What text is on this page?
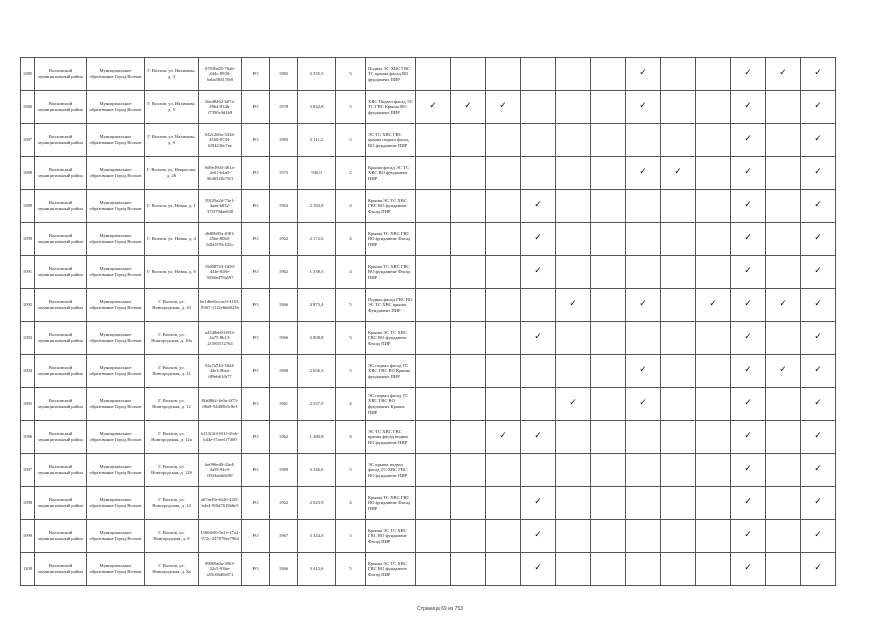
1085	Волховский муниципальный район	Муниципальное образование Город Волхов	Г. Волхов, ул. Нахимова, д. 3	67830a05-76a6-444c-8930-6aba58d17fb9	РО	1982	3 335,5	5	Подвал ЭС ХВС ГВС ТС крыша фасад ВО фундамент ПИР							✓			✓	✓	✓
1086	Волховский муниципальный район	Муниципальное образование Город Волхов	Г. Волхов, ул. Нахимова, д. 5	26ed8462-b07a-49b4-834b-f7390c9d1b9	РО	1978	5 022,8	5	ХВС Подвал фасад ЭС ТС ГВС Крыша ВО фундамент ПИР	✓	✓	✓				✓			✓		✓
1087	Волховский муниципальный район	Муниципальное образование Город Волхов	Г. Волхов, ул. Нахимова, д. 9	642c260a-343d-4160-8734-6f94236c7ae	РО	1983	5 111,2	5	ЭС ТС ХВС ГВС крыша подвал фасад ВО фундамент ПИР										✓		✓
1088	Волховский муниципальный район	Муниципальное образование Город Волхов	Г. Волхов, ул. Некрасова, д. 26	0d9e3903-461a-4e61-b4a0-96465f3b75f3	РО	1975	930,0	2	Крыша фасад ЭС ТС ХВС ВО фундамент ПИР							✓	✓		✓		✓
1089	Волховский муниципальный район	Муниципальное образование Город Волхов	Г. Волхов, ул. Новая, д. 1	59129a2d-73e1-4aaa-b832-37f379dae630	РО	1963	2 183,8	4	Крыша ЭС ТС ХВС ГВС ВО фундамент Фасад ПИР				✓						✓		✓
1090	Волховский муниципальный район	Муниципальное образование Город Волхов	Г. Волхов, ул. Новая, д. 4	db80b95a-f081-45be-80b5-b2b0378c525c	РО	1962	2 172,6	4	Крыша ТС ХВС ГВС ВО фундамент Фасад ПИР				✓						✓		✓
1091	Волховский муниципальный район	Муниципальное образование Город Волхов	Г. Волхов, ул. Новая, д. 8	19d08723-1d50-44fe-818e-5038a479a597	РО	1962	1 338,5	4	Крыша ТС ХВС ГВС ВО фундамент Фасад ПИР				✓						✓		✓
1092	Волховский муниципальный район	Муниципальное образование Город Волхов	Г. Волхов, ул. Новгородская, д. 10	be1d6e8a-cac9-4103-8567-1112e6b6021b	РО	1966	4 873,4	5	Подвал фасад ГВС ВО ЭС ТС ХВС крыша Фундамент ПИР					✓		✓		✓	✓	✓	✓
1093	Волховский муниципальный район	Муниципальное образование Город Волхов	Г. Волхов, ул. Новгородская, д. 10а	a4348eb0-b933-4a75-8b13-21585512764	РО	1966	3 808,8	5	Крыша ЭС ТС ХВС ГВС ВО фундамент Фасад ПИР				✓						✓		✓
1094	Волховский муниципальный район	Муниципальное образование Город Волхов	Г. Волхов, ул. Новгородская, д. 11	92a7a743-5844-44e3-9bea-f09eb61fb77	РО	1968	2 656,3	5	ЭС подвал фасад ТС ХВС ГВС ВО Крыша фундамент ПИР							✓			✓	✓	✓
1095	Волховский муниципальный район	Муниципальное образование Город Волхов	Г. Волхов, ул. Новгородская, д. 12	8fa08b2-4e0a-4f73-88a9-92d89b5c8e1	РО	1961	2 537,9	4	ЭС подвал фасад ТС ХВС ГВС ВО фундамент Крыша ПИР					✓		✓			✓		✓
1096	Волховский муниципальный район	Муниципальное образование Город Волхов	Г. Волхов, ул. Новгородская, д. 12а	b113f2f4-8f1f-41eb-b44e-f7aee1f7469	РО	1962	1 280,8	4	ЭС ТС ХВС ГВС крыша фасад подвал ВО фундамент ПИР			✓	✓						✓		✓
1097	Волховский муниципальный район	Муниципальное образование Город Волхов	Г. Волхов, ул. Новгородская, д. 12б	be096ed9-43e4-4a59-94c9-0034ab6e6f9f	РО	1989	3 346,6	5	ЭС крыша подвал фасад ТС ХВС ГВС ВО фундамент ПИР										✓		✓
1098	Волховский муниципальный район	Муниципальное образование Город Волхов	Г. Волхов, ул. Новгородская, д. 14	a67aef5e-bf26-43f5-b4e4-9f9d7619b6e5	РО	1962	2 023,9	4	Крыша ТС ХВС ГВС ВО фундамент Фасад ПИР				✓						✓		✓
1099	Волховский муниципальный район	Муниципальное образование Город Волхов	Г. Волхов, ул. Новгородская, д. 8	1560fe06-5a1e-47a3-972c-247879ee7964	РО	1967	3 344,0	5	Крыша ЭС ТС ХВС ГВС ВО фундамент Фасад ПИР				✓						✓		✓
1100	Волховский муниципальный район	Муниципальное образование Город Волхов	Г. Волхов, ул. Новгородская, д. 8а	99069a0a-3063-42c5-93be-a55c66d0e871	РО	1966	3 412,6	5	Крыша ЭС ТС ХВС ГВС ВО фундамент Фасад ПИР				✓						✓		✓
Страница 69 из 753
